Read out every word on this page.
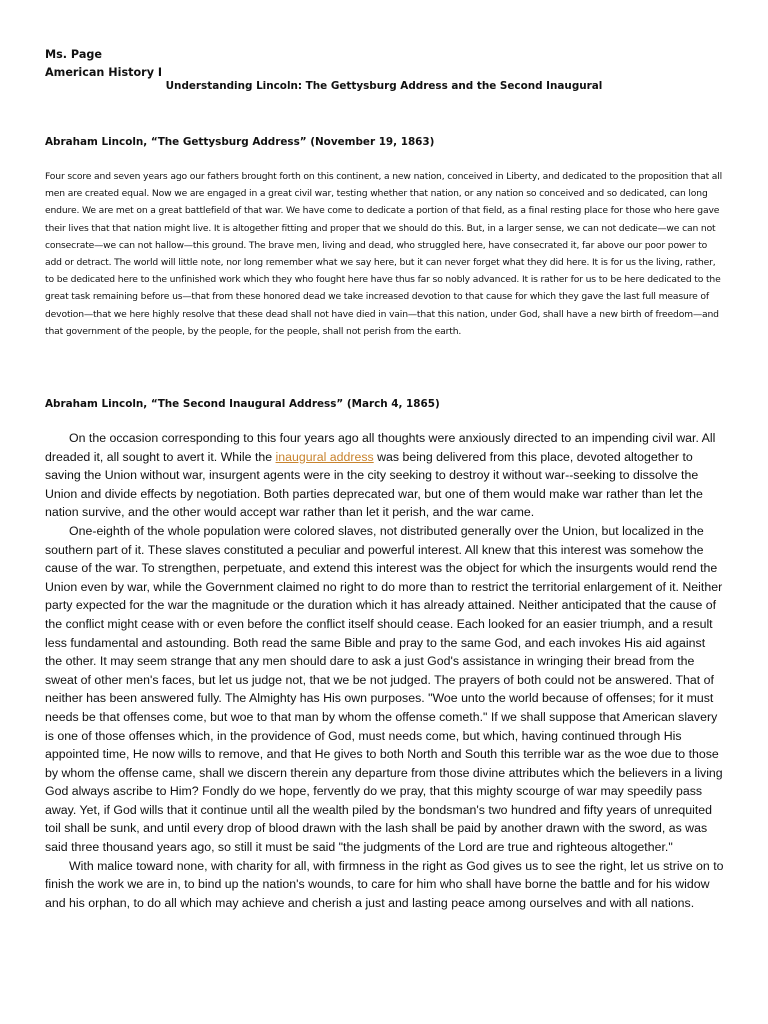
Ms. Page
American History I
Understanding Lincoln: The Gettysburg Address and the Second Inaugural
Abraham Lincoln, “The Gettysburg Address” (November 19, 1863)
Four score and seven years ago our fathers brought forth on this continent, a new nation, conceived in Liberty, and dedicated to the proposition that all men are created equal. Now we are engaged in a great civil war, testing whether that nation, or any nation so conceived and so dedicated, can long endure. We are met on a great battlefield of that war. We have come to dedicate a portion of that field, as a final resting place for those who here gave their lives that that nation might live. It is altogether fitting and proper that we should do this. But, in a larger sense, we can not dedicate—we can not consecrate—we can not hallow—this ground. The brave men, living and dead, who struggled here, have consecrated it, far above our poor power to add or detract. The world will little note, nor long remember what we say here, but it can never forget what they did here. It is for us the living, rather, to be dedicated here to the unfinished work which they who fought here have thus far so nobly advanced. It is rather for us to be here dedicated to the great task remaining before us—that from these honored dead we take increased devotion to that cause for which they gave the last full measure of devotion—that we here highly resolve that these dead shall not have died in vain—that this nation, under God, shall have a new birth of freedom—and that government of the people, by the people, for the people, shall not perish from the earth.
Abraham Lincoln, “The Second Inaugural Address” (March 4, 1865)

On the occasion corresponding to this four years ago all thoughts were anxiously directed to an impending civil war. All dreaded it, all sought to avert it. While the inaugural address was being delivered from this place, devoted altogether to saving the Union without war, insurgent agents were in the city seeking to destroy it without war--seeking to dissolve the Union and divide effects by negotiation. Both parties deprecated war, but one of them would make war rather than let the nation survive, and the other would accept war rather than let it perish, and the war came.

One-eighth of the whole population were colored slaves, not distributed generally over the Union, but localized in the southern part of it. These slaves constituted a peculiar and powerful interest. All knew that this interest was somehow the cause of the war. To strengthen, perpetuate, and extend this interest was the object for which the insurgents would rend the Union even by war, while the Government claimed no right to do more than to restrict the territorial enlargement of it. Neither party expected for the war the magnitude or the duration which it has already attained. Neither anticipated that the cause of the conflict might cease with or even before the conflict itself should cease. Each looked for an easier triumph, and a result less fundamental and astounding. Both read the same Bible and pray to the same God, and each invokes His aid against the other. It may seem strange that any men should dare to ask a just God's assistance in wringing their bread from the sweat of other men's faces, but let us judge not, that we be not judged. The prayers of both could not be answered. That of neither has been answered fully. The Almighty has His own purposes. "Woe unto the world because of offenses; for it must needs be that offenses come, but woe to that man by whom the offense cometh." If we shall suppose that American slavery is one of those offenses which, in the providence of God, must needs come, but which, having continued through His appointed time, He now wills to remove, and that He gives to both North and South this terrible war as the woe due to those by whom the offense came, shall we discern therein any departure from those divine attributes which the believers in a living God always ascribe to Him? Fondly do we hope, fervently do we pray, that this mighty scourge of war may speedily pass away. Yet, if God wills that it continue until all the wealth piled by the bondsman's two hundred and fifty years of unrequited toil shall be sunk, and until every drop of blood drawn with the lash shall be paid by another drawn with the sword, as was said three thousand years ago, so still it must be said "the judgments of the Lord are true and righteous altogether."

With malice toward none, with charity for all, with firmness in the right as God gives us to see the right, let us strive on to finish the work we are in, to bind up the nation's wounds, to care for him who shall have borne the battle and for his widow and his orphan, to do all which may achieve and cherish a just and lasting peace among ourselves and with all nations.
